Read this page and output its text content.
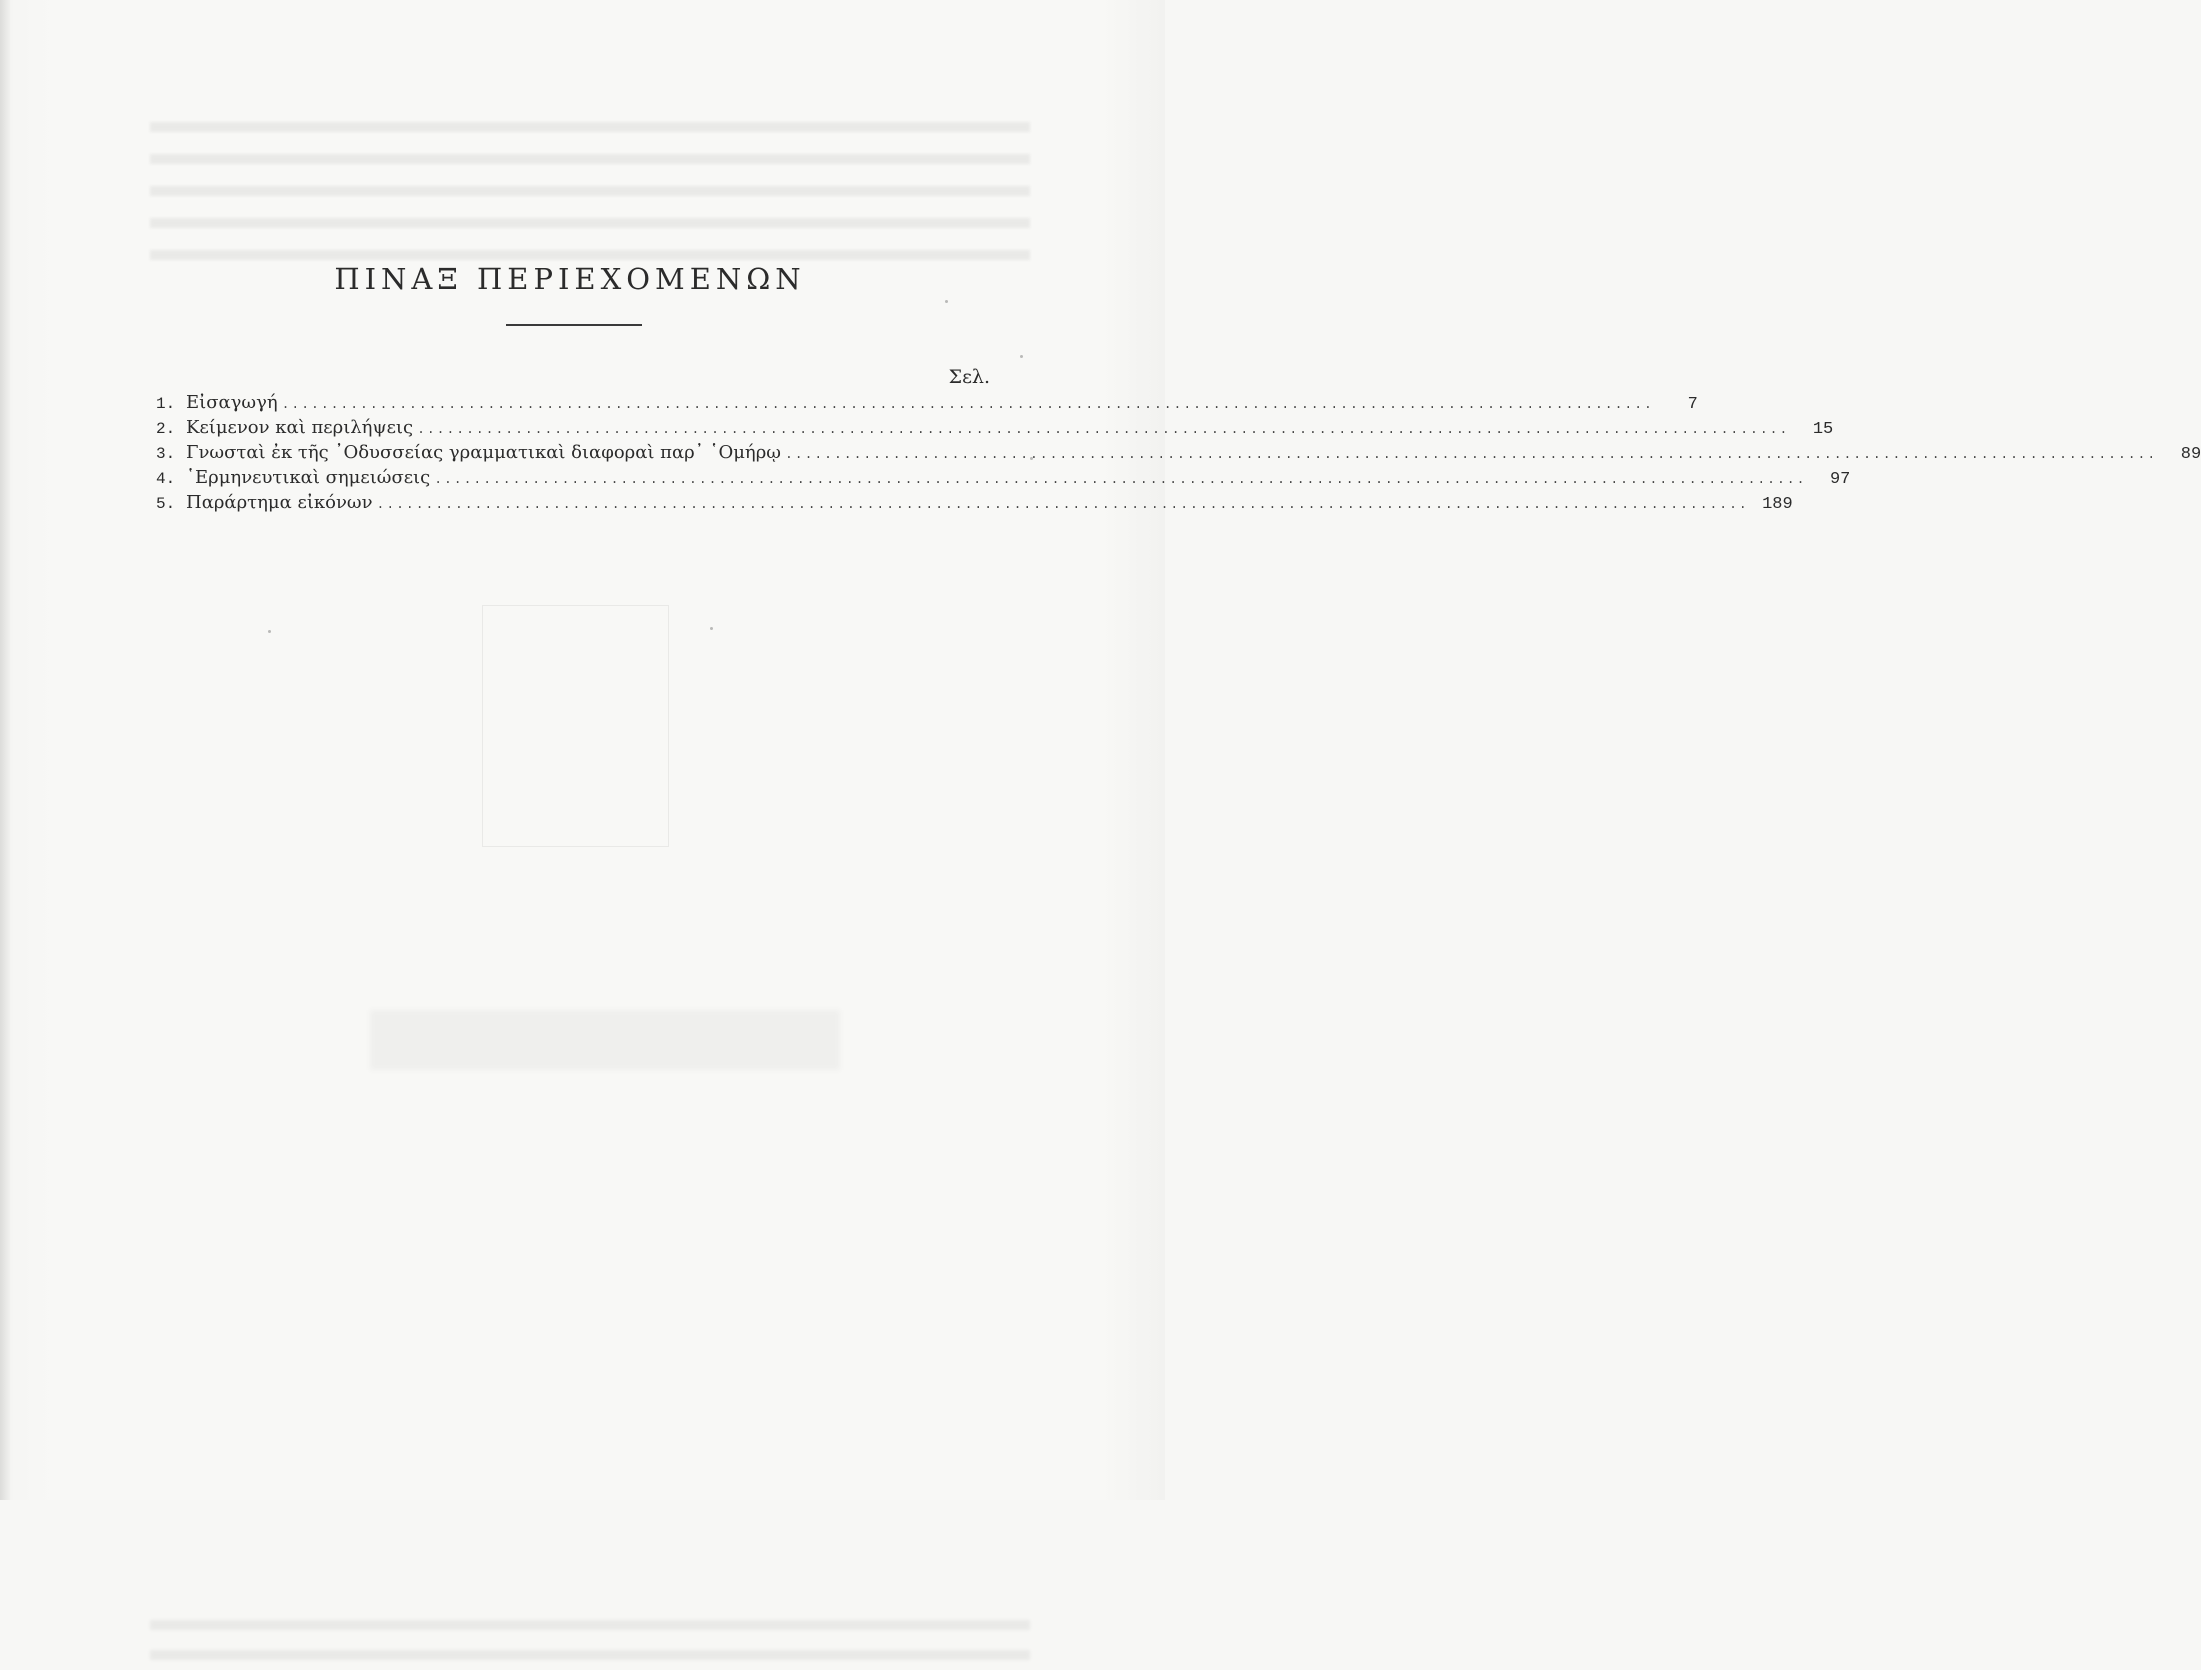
ΠΙΝΑΞ ΠΕΡΙΕΧΟΜΕΝΩΝ
Σελ.
1. Εἰσαγωγή ............................................................................................................................................	7
2. Κείμενον καὶ περιλήψεις ............................................................................................................................................	15
3. Γνωσταὶ ἐκ τῆς ᾿Οδυσσείας γραμματικαὶ διαφοραὶ παρ᾿ ῾Ομήρῳ ............................................................................................................................................	89
4. ῾Ερμηνευτικαὶ σημειώσεις ............................................................................................................................................	97
5. Παράρτημα εἰκόνων ............................................................................................................................................ 189
